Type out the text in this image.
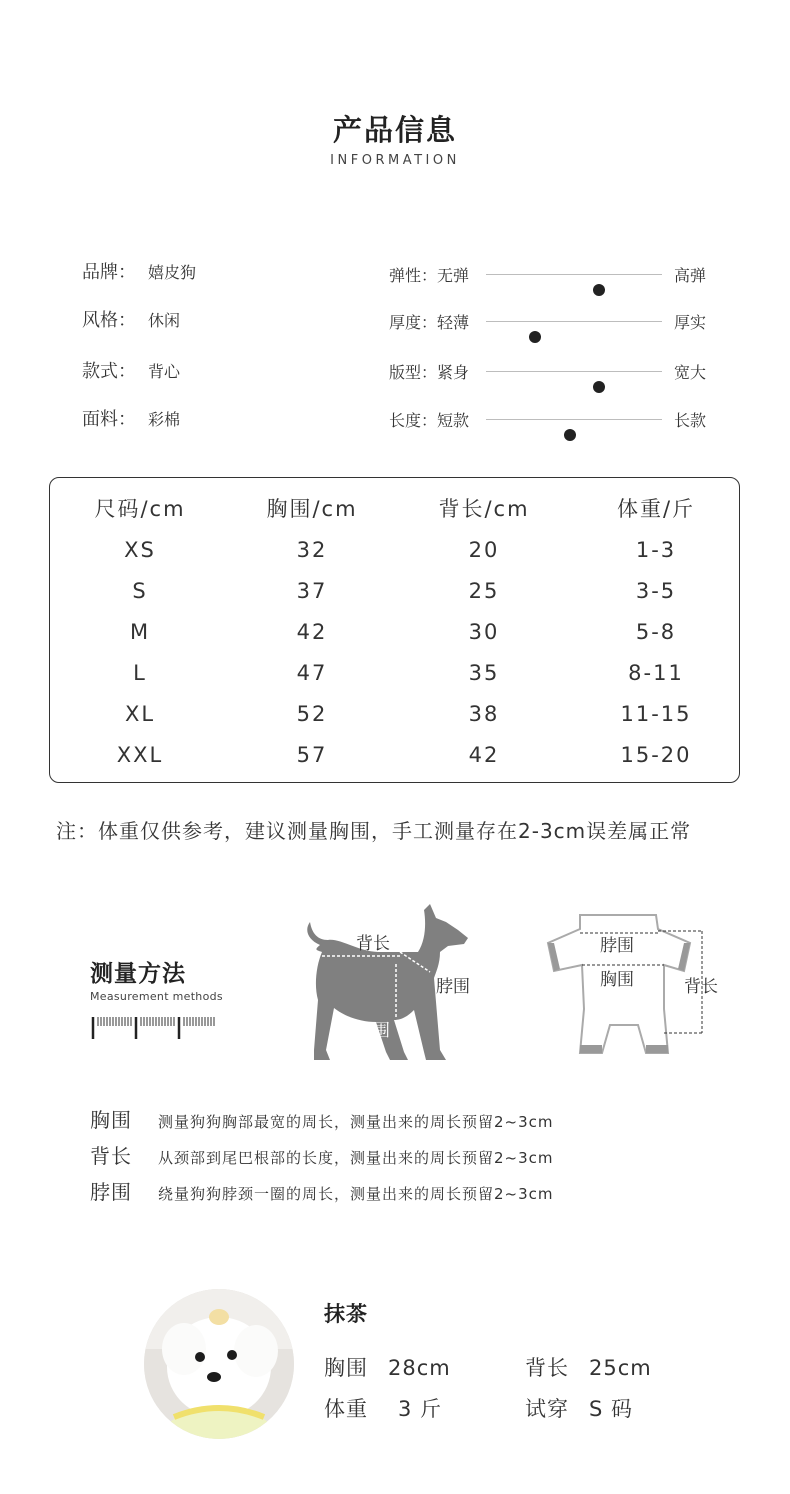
产品信息
INFORMATION
品牌： 嬉皮狗
风格： 休闲
款式： 背心
面料： 彩棉
弹性：无弹	高弹
厚度：轻薄	厚实
版型：紧身	宽大
长度：短款	长款
尺码/cm	胸围/cm	背长/cm	体重/斤
XS	32	20	1-3
S	37	25	3-5
M	42	30	5-8
L	47	35	8-11
XL	52	38	11-15
XXL	57	42	15-20
注：体重仅供参考，建议测量胸围，手工测量存在2-3cm误差属正常
测量方法
Measurement methods
背长
脖围
胸围
脖围
胸围	背长
胸围 测量狗狗胸部最宽的周长，测量出来的周长预留2~3cm
背长 从颈部到尾巴根部的长度，测量出来的周长预留2~3cm
脖围 绕量狗狗脖颈一圈的周长，测量出来的周长预留2~3cm
抹茶
胸围 28cm	背长 25cm
体重 3 斤	试穿 S 码
